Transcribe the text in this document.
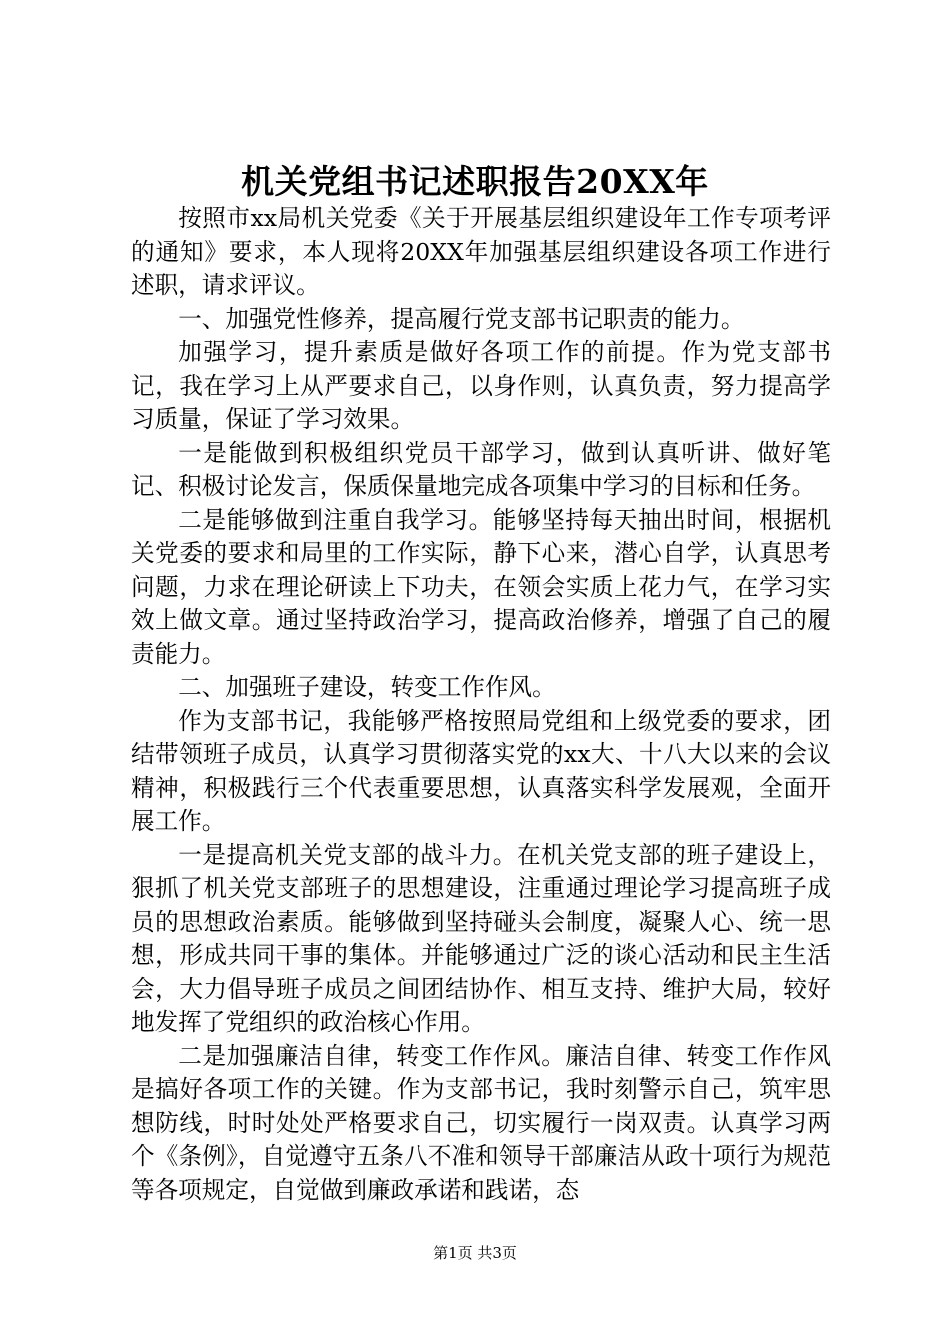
机关党组书记述职报告20XX年

按照市xx局机关党委《关于开展基层组织建设年工作专项考评的通知》要求，本人现将20XX年加强基层组织建设各项工作进行述职，请求评议。

一、加强党性修养，提高履行党支部书记职责的能力。

加强学习，提升素质是做好各项工作的前提。作为党支部书记，我在学习上从严要求自己，以身作则，认真负责，努力提高学习质量，保证了学习效果。

一是能做到积极组织党员干部学习，做到认真听讲、做好笔记、积极讨论发言，保质保量地完成各项集中学习的目标和任务。

二是能够做到注重自我学习。能够坚持每天抽出时间，根据机关党委的要求和局里的工作实际，静下心来，潜心自学，认真思考问题，力求在理论研读上下功夫，在领会实质上花力气，在学习实效上做文章。通过坚持政治学习，提高政治修养，增强了自己的履责能力。

二、加强班子建设，转变工作作风。

作为支部书记，我能够严格按照局党组和上级党委的要求，团结带领班子成员，认真学习贯彻落实党的xx大、十八大以来的会议精神，积极践行三个代表重要思想，认真落实科学发展观，全面开展工作。

一是提高机关党支部的战斗力。在机关党支部的班子建设上，狠抓了机关党支部班子的思想建设，注重通过理论学习提高班子成员的思想政治素质。能够做到坚持碰头会制度，凝聚人心、统一思想，形成共同干事的集体。并能够通过广泛的谈心活动和民主生活会，大力倡导班子成员之间团结协作、相互支持、维护大局，较好地发挥了党组织的政治核心作用。

二是加强廉洁自律，转变工作作风。廉洁自律、转变工作作风是搞好各项工作的关键。作为支部书记，我时刻警示自己，筑牢思想防线，时时处处严格要求自己，切实履行一岗双责。认真学习两个《条例》，自觉遵守五条八不准和领导干部廉洁从政十项行为规范等各项规定，自觉做到廉政承诺和践诺，态

第1页 共3页
